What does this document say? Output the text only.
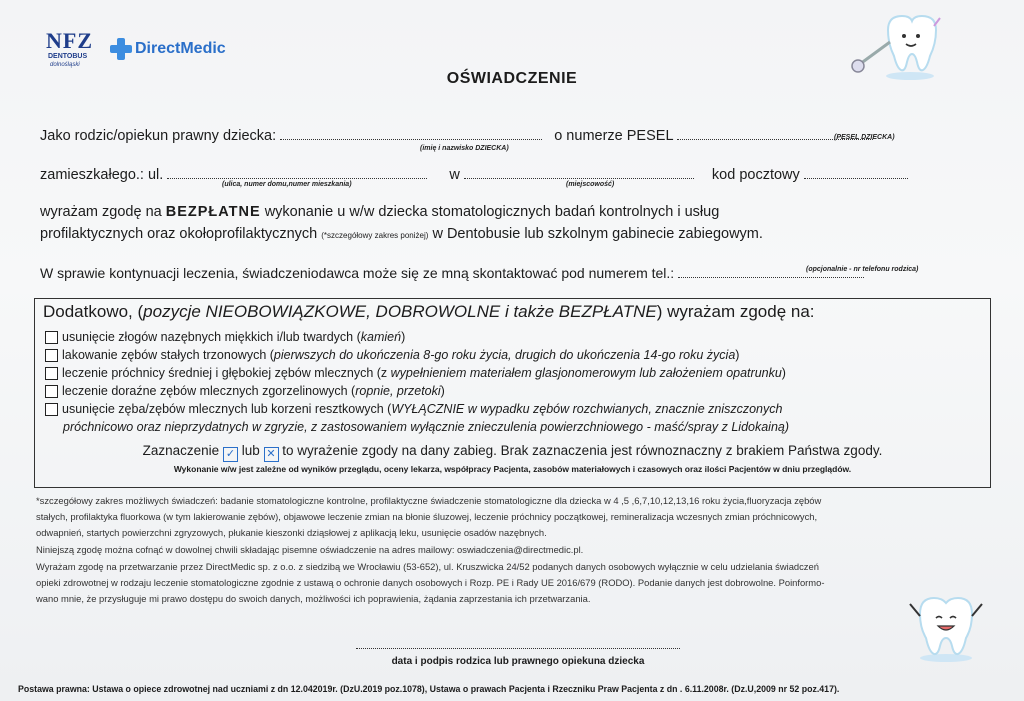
NFZ
DENTOBUS
dolnośląski
DirectMedic
OŚWIADCZENIE
Jako rodzic/opiekun prawny dziecka:	o numerze PESEL
(imię i nazwisko DZIECKA)
(PESEL DZIECKA)
zamieszkałego.: ul.	w	kod pocztowy
(ulica, numer domu,numer mieszkania)	(miejscowość)
wyrażam zgodę na BEZPŁATNE wykonanie u w/w dziecka stomatologicznych badań kontrolnych i usług
profilaktycznych oraz okołoprofilaktycznych (*szczegółowy zakres poniżej) w Dentobusie lub szkolnym gabinecie zabiegowym.
W sprawie kontynuacji leczenia, świadczeniodawca może się ze mną skontaktować pod numerem tel.:	(opcjonalnie - nr telefonu rodzica)
Dodatkowo, (pozycje NIEOBOWIĄZKOWE, DOBROWOLNE i także BEZPŁATNE) wyrażam zgodę na:
usunięcie złogów nazębnych miękkich i/lub twardych (kamień)
lakowanie zębów stałych trzonowych (pierwszych do ukończenia 8-go roku życia, drugich do ukończenia 14-go roku życia)
leczenie próchnicy średniej i głębokiej zębów mlecznych (z wypełnieniem materiałem glasjonomerowym lub założeniem opatrunku)
leczenie doraźne zębów mlecznych zgorzelinowych (ropnie, przetoki)
usunięcie zęba/zębów mlecznych lub korzeni resztkowych (WYŁĄCZNIE w wypadku zębów rozchwianych, znacznie zniszczonych
próchnicowo oraz nieprzydatnych w zgryzie, z zastosowaniem wyłącznie znieczulenia powierzchniowego - maść/spray z Lidokainą)
Zaznaczenie ✓ lub ✕ to wyrażenie zgody na dany zabieg. Brak zaznaczenia jest równoznaczny z brakiem Państwa zgody.
Wykonanie w/w jest zależne od wyników przeglądu, oceny lekarza, współpracy Pacjenta, zasobów materiałowych i czasowych oraz ilości Pacjentów w dniu przeglądów.
*szczegółowy zakres możliwych świadczeń: badanie stomatologiczne kontrolne, profilaktyczne świadczenie stomatologiczne dla dziecka w 4 ,5 ,6,7,10,12,13,16 roku życia,fluoryzacja zębów
stałych, profilaktyka fluorkowa (w tym lakierowanie zębów), objawowe leczenie zmian na błonie śluzowej, leczenie próchnicy początkowej, remineralizacja wczesnych zmian próchnicowych,
odwapnień, startych powierzchni zgryzowych, płukanie kieszonki dziąsłowej z aplikacją leku, usunięcie osadów nazębnych.
Niniejszą zgodę można cofnąć w dowolnej chwili składając pisemne oświadczenie na adres mailowy: oswiadczenia@directmedic.pl.
Wyrażam zgodę na przetwarzanie przez DirectMedic sp. z o.o. z siedzibą we Wrocławiu (53-652), ul. Kruszwicka 24/52 podanych danych osobowych wyłącznie w celu udzielania świadczeń
opieki zdrowotnej w rodzaju leczenie stomatologiczne zgodnie z ustawą o ochronie danych osobowych i Rozp. PE i Rady UE 2016/679 (RODO). Podanie danych jest dobrowolne. Poinformo-
wano mnie, że przysługuje mi prawo dostępu do swoich danych, możliwości ich poprawienia, żądania zaprzestania ich przetwarzania.
data i podpis rodzica lub prawnego opiekuna dziecka
Postawa prawna: Ustawa o opiece zdrowotnej nad uczniami z dn 12.042019r. (DzU.2019 poz.1078), Ustawa o prawach Pacjenta i Rzeczniku Praw Pacjenta z dn . 6.11.2008r. (Dz.U,2009 nr 52 poz.417).
